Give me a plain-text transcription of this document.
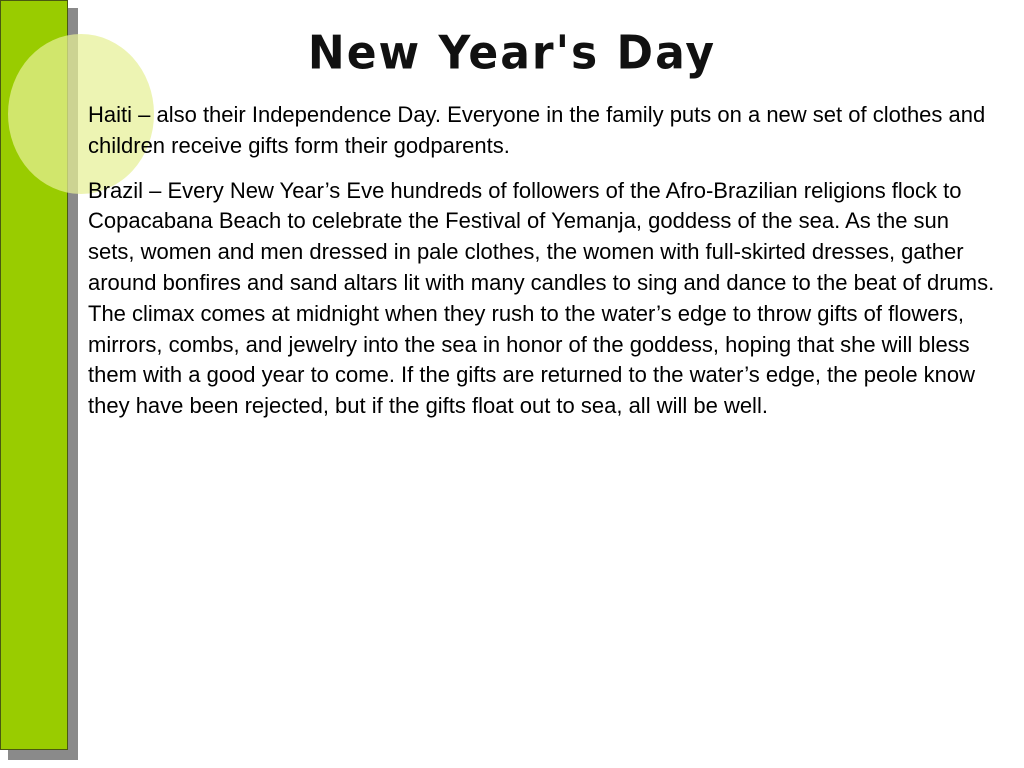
New Year's Day

Haiti – also their Independence Day. Everyone in the family puts on a new set of clothes and children receive gifts form their godparents.

Brazil – Every New Year’s Eve hundreds of followers of the Afro-Brazilian religions flock to Copacabana Beach to celebrate the Festival of Yemanja, goddess of the sea. As the sun sets, women and men dressed in pale clothes, the women with full-skirted dresses, gather around bonfires and sand altars lit with many candles to sing and dance to the beat of drums. The climax comes at midnight when they rush to the water’s edge to throw gifts of flowers, mirrors, combs, and jewelry into the sea in honor of the goddess, hoping that she will bless them with a good year to come. If the gifts are returned to the water’s edge, the peole know they have been rejected, but if the gifts float out to sea, all will be well.
